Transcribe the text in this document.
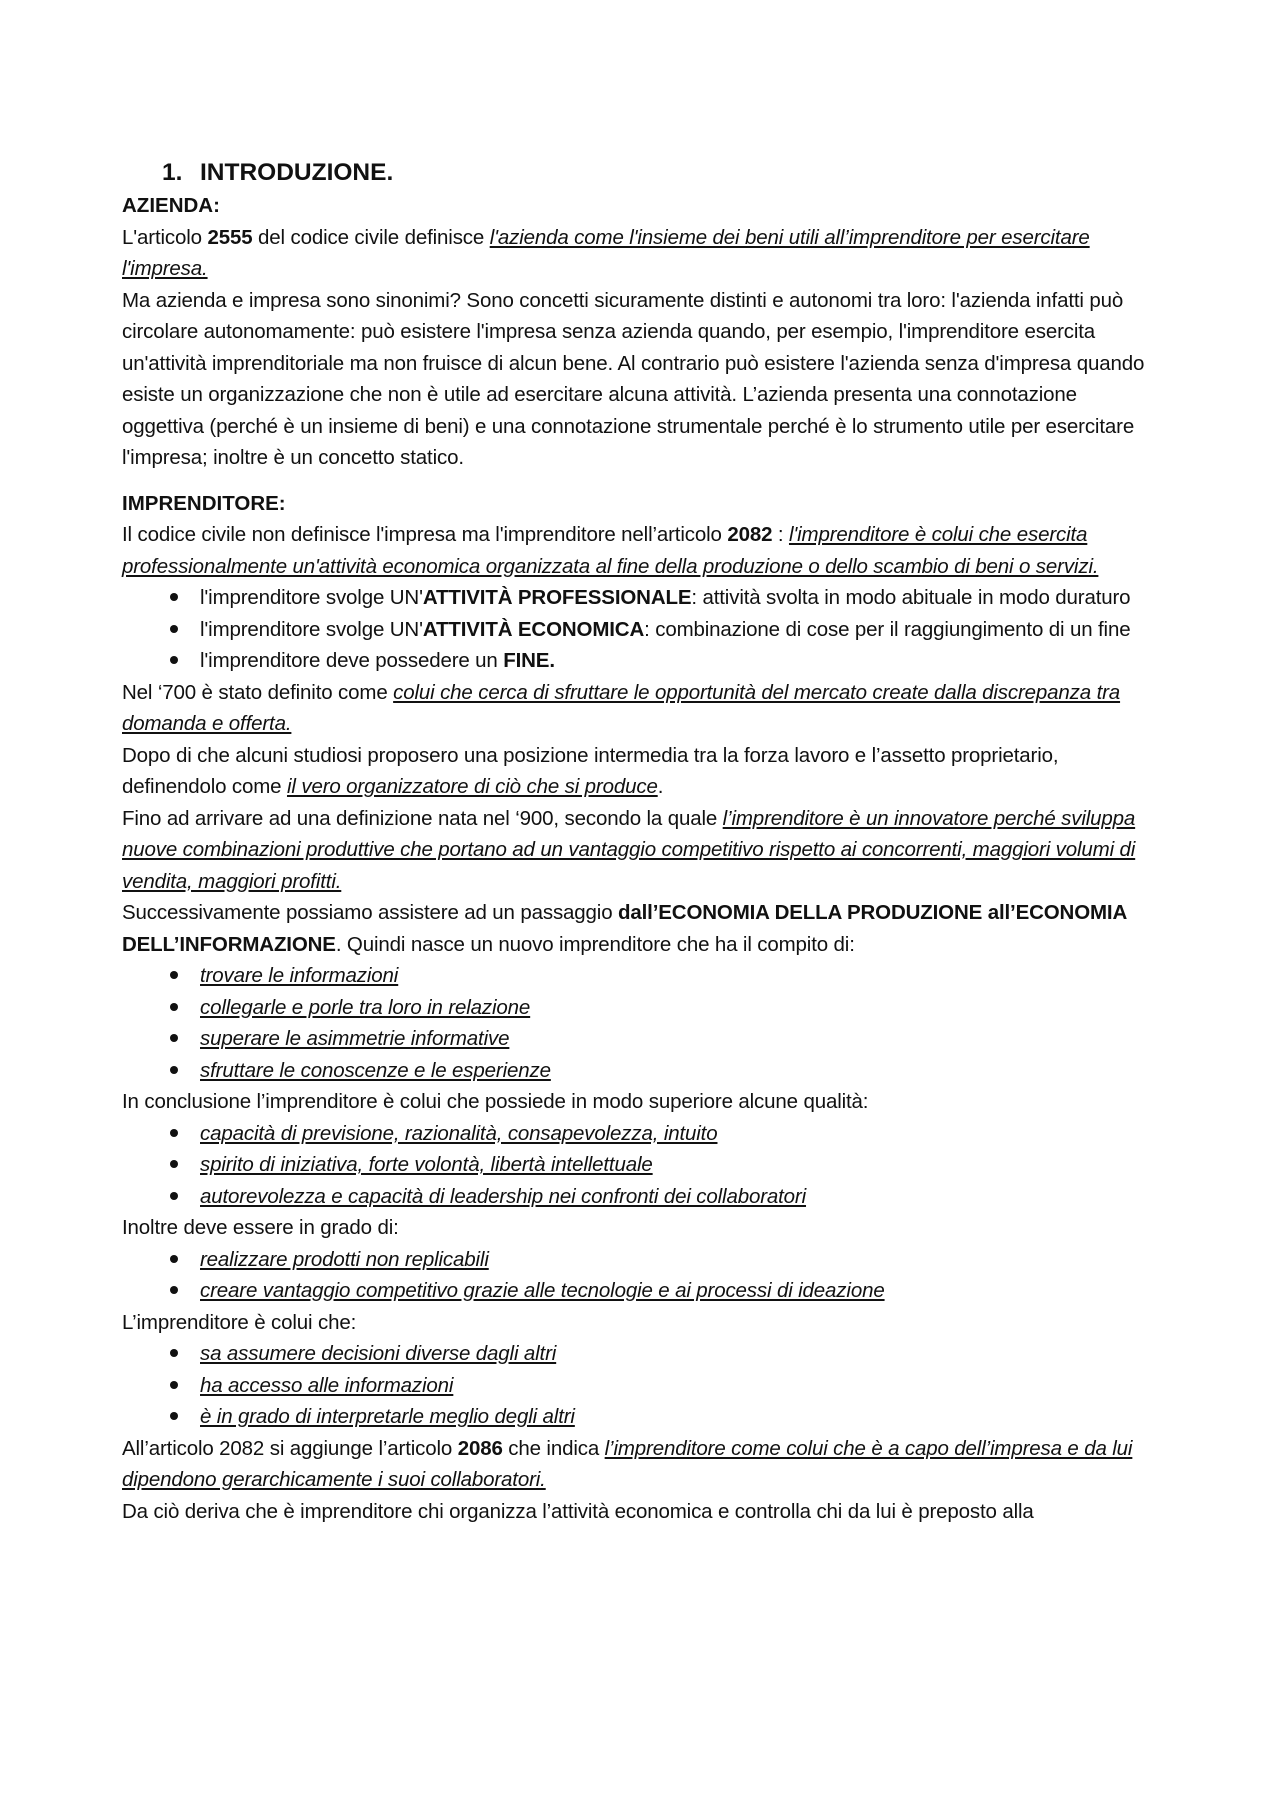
1. INTRODUZIONE.

AZIENDA:

L'articolo 2555 del codice civile definisce l'azienda come l'insieme dei beni utili all’imprenditore per esercitare l'impresa.

Ma azienda e impresa sono sinonimi? Sono concetti sicuramente distinti e autonomi tra loro: l'azienda infatti può circolare autonomamente: può esistere l'impresa senza azienda quando, per esempio, l'imprenditore esercita un'attività imprenditoriale ma non fruisce di alcun bene. Al contrario può esistere l'azienda senza d'impresa quando esiste un organizzazione che non è utile ad esercitare alcuna attività. L’azienda presenta una connotazione oggettiva (perché è un insieme di beni) e una connotazione strumentale perché è lo strumento utile per esercitare l'impresa; inoltre è un concetto statico.

IMPRENDITORE:

Il codice civile non definisce l'impresa ma l'imprenditore nell’articolo 2082 : l'imprenditore è colui che esercita professionalmente un'attività economica organizzata al fine della produzione o dello scambio di beni o servizi.

l'imprenditore svolge UN'ATTIVITÀ PROFESSIONALE: attività svolta in modo abituale in modo duraturo
l'imprenditore svolge UN'ATTIVITÀ ECONOMICA: combinazione di cose per il raggiungimento di un fine
l'imprenditore deve possedere un FINE.

Nel ‘700 è stato definito come colui che cerca di sfruttare le opportunità del mercato create dalla discrepanza tra domanda e offerta.

Dopo di che alcuni studiosi proposero una posizione intermedia tra la forza lavoro e l’assetto proprietario, definendolo come il vero organizzatore di ciò che si produce.

Fino ad arrivare ad una definizione nata nel ‘900, secondo la quale l’imprenditore è un innovatore perché sviluppa nuove combinazioni produttive che portano ad un vantaggio competitivo rispetto ai concorrenti, maggiori volumi di vendita, maggiori profitti.

Successivamente possiamo assistere ad un passaggio dall’ECONOMIA DELLA PRODUZIONE all’ECONOMIA DELL’INFORMAZIONE. Quindi nasce un nuovo imprenditore che ha il compito di:

trovare le informazioni
collegarle e porle tra loro in relazione
superare le asimmetrie informative
sfruttare le conoscenze e le esperienze

In conclusione l’imprenditore è colui che possiede in modo superiore alcune qualità:

capacità di previsione, razionalità, consapevolezza, intuito
spirito di iniziativa, forte volontà, libertà intellettuale
autorevolezza e capacità di leadership nei confronti dei collaboratori

Inoltre deve essere in grado di:

realizzare prodotti non replicabili
creare vantaggio competitivo grazie alle tecnologie e ai processi di ideazione

L’imprenditore è colui che:

sa assumere decisioni diverse dagli altri
ha accesso alle informazioni
è in grado di interpretarle meglio degli altri

All’articolo 2082 si aggiunge l’articolo 2086 che indica l’imprenditore come colui che è a capo dell’impresa e da lui dipendono gerarchicamente i suoi collaboratori.

Da ciò deriva che è imprenditore chi organizza l’attività economica e controlla chi da lui è preposto alla
